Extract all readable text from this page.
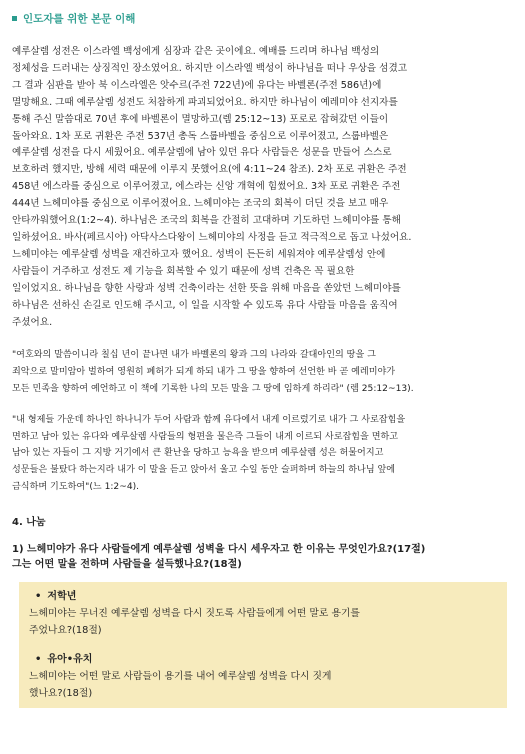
인도자를 위한 본문 이해

예루살렘 성전은 이스라엘 백성에게 심장과 같은 곳이에요. 예배를 드리며 하나님 백성의
정체성을 드러내는 상징적인 장소였어요. 하지만 이스라엘 백성이 하나님을 떠나 우상을 섬겼고
그 결과 심판을 받아 북 이스라엘은 앗수르(주전 722년)에 유다는 바벨론(주전 586년)에
멸망해요. 그때 예루살렘 성전도 처참하게 파괴되었어요. 하지만 하나님이 예레미야 선지자를
통해 주신 말씀대로 70년 후에 바벨론이 멸망하고(렘 25:12~13) 포로로 잡혀갔던 이들이
돌아와요. 1차 포로 귀환은 주전 537년 총독 스룹바벨을 중심으로 이루어졌고, 스룹바벨은
예루살렘 성전을 다시 세웠어요. 예루살렘에 남아 있던 유다 사람들은 성문을 만들어 스스로
보호하려 했지만, 방해 세력 때문에 이루지 못했어요(에 4:11~24 참조). 2차 포로 귀환은 주전
458년 에스라를 중심으로 이루어졌고, 에스라는 신앙 개혁에 힘썼어요. 3차 포로 귀환은 주전
444년 느헤미야를 중심으로 이루어졌어요. 느헤미야는 조국의 회복이 더딘 것을 보고 매우
안타까워했어요(1:2~4). 하나님은 조국의 회복을 간절히 고대하며 기도하던 느헤미야를 통해
일하셨어요. 바사(페르시아) 아닥사스다왕이 느헤미야의 사정을 듣고 적극적으로 돕고 나섰어요.
느헤미야는 예루살렘 성벽을 재건하고자 했어요. 성벽이 든든히 세워져야 예루살렘성 안에
사람들이 거주하고 성전도 제 기능을 회복할 수 있기 때문에 성벽 건축은 꼭 필요한
일이었지요. 하나님을 향한 사랑과 성벽 건축이라는 선한 뜻을 위해 마음을 쏟았던 느헤미야를
하나님은 선하신 손길로 인도해 주시고, 이 일을 시작할 수 있도록 유다 사람들 마음을 움직여
주셨어요.

"여호와의 말씀이니라 칠십 년이 끝나면 내가 바벨론의 왕과 그의 나라와 갈대아인의 땅을 그
죄악으로 말미암아 벌하여 영원히 폐허가 되게 하되 내가 그 땅을 향하여 선언한 바 곧 예레미야가
모든 민족을 향하여 예언하고 이 책에 기록한 나의 모든 말을 그 땅에 임하게 하리라" (렘 25:12~13).

"내 형제들 가운데 하나인 하나니가 두어 사람과 함께 유다에서 내게 이르렀기로 내가 그 사로잡힘을
면하고 남아 있는 유다와 예루살렘 사람들의 형편을 물은즉 그들이 내게 이르되 사로잡힘을 면하고
남아 있는 자들이 그 지방 거기에서 큰 환난을 당하고 능욕을 받으며 예루살렘 성은 허물어지고
성문들은 불탔다 하는지라 내가 이 말을 듣고 앉아서 울고 수일 동안 슬퍼하며 하늘의 하나님 앞에
금식하며 기도하여"(느 1:2~4).

4. 나눔

1) 느헤미야가 유다 사람들에게 예루살렘 성벽을 다시 세우자고 한 이유는 무엇인가요?(17절)
그는 어떤 말을 전하며 사람들을 설득했나요?(18절)

• 저학년

느헤미야는 무너진 예루살렘 성벽을 다시 짓도록 사람들에게 어떤 말로 용기를
주었나요?(18절)

• 유아•유치

느헤미야는 어떤 말로 사람들이 용기를 내어 예루살렘 성벽을 다시 짓게
했나요?(18절)
